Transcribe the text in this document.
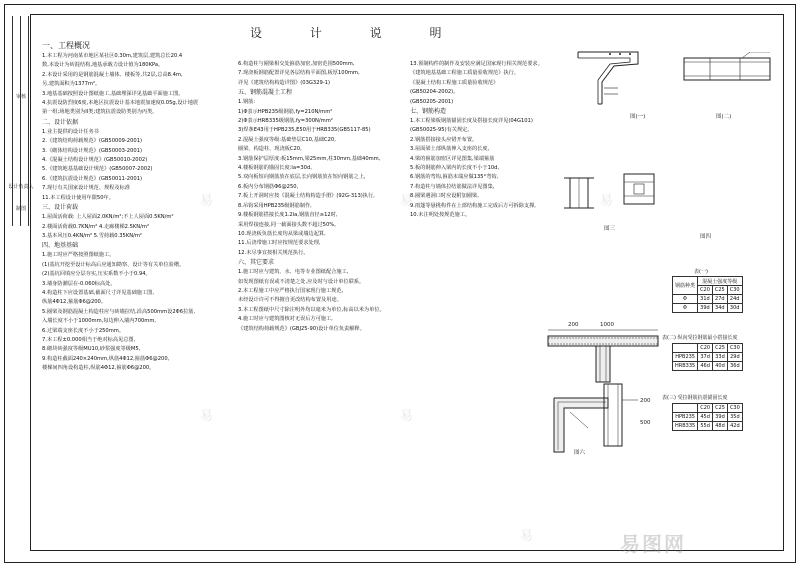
审核
设计负责人
制图
设 计 说 明

一、工程概况

1.本工程为河南某市地区某社区0.30m,建筑层,建筑总长20.4

数,本设计为砖混结构,地基承载力设计值为180KPa。

2.本设计采用的是钢筋混凝土墙体、楼板等,共2层,总高8.4m,

另,建筑面积为1377m²。

3.地基基础按照设计图纸施工,基础埋深详见基础平面施工图。

4.抗震设防烈度6度,本地区抗震设计基本地震加速度0.05g,设计地震

第一组;场地类别为II类;建筑抗震设防类别为丙类。

二、设计依据

1.业主提供的设计任务书

2.《建筑结构荷载规范》(GB50009-2001)

3.《砌体结构设计规范》(GB50003-2001)

4.《混凝土结构设计规范》(GB50010-2002)

5.《建筑地基基础设计规范》(GB50007-2002)

6.《建筑抗震设计规范》(GB50011-2001)

7.现行有关国家设计规范、规程及标准

11.本工程设计使用年限50年。

三、设计荷载

1.屋面活荷载: 上人屋面2.0KN/m²;不上人屋面0.5KN/m²

2.楼面活荷载0.7KN/m² 4.走廊楼梯2.5KN/m²

3.基本风压0.4KN/m² 5.雪荷载0.35KN/m²

四、地基基础

1.施工时应严格按照图纸施工。

(1)基坑开挖至设计标高后应通知勘察、设计等有关单位验槽。

(2)基坑回填应分层夯实,压实系数不小于0.94。

3.墙身防潮层在-0.060标高处。

4.构造柱下应设置基础,截面尺寸详见基础施工图,

纵筋4Φ12,箍筋Φ6@200。

5.圈梁及钢筋混凝土构造柱应与砖墙拉结,沿高500mm设2Φ6拉筋,

入墙长度不小于1000mm,每边伸入墙内700mm,

6.过梁端支座长度不小于250mm。

7.本工程±0.000相当于绝对标高见总图,

8.砌块砖强度等级MU10,砂浆强度等级M5,

9.构造柱截面240×240mm,纵筋4Φ12,箍筋Φ6@200,

楼梯间四角设构造柱,纵筋4Φ12,箍筋Φ6@200。

6.构造柱与圈梁相交处箍筋加密,加密范围500mm,

7.现浇板钢筋配置详见各层结构平面图,板厚100mm,

详见《建筑结构构造详图》(03G329-1)

五、钢筋混凝土工程

1.钢筋:

1)Φ表示HPB235级钢筋,fy=210N/mm²

2)Φ表示HRB335级钢筋,fy=300N/mm²

3)焊条E43用于HPB235,E50用于HRB335(GB5117-85)

2.混凝土强度等级:基础垫层C10,基础C20,

圈梁、构造柱、现浇板C20,

3.钢筋保护层厚度:板15mm,梁25mm,柱30mm,基础40mm,

4.楼板钢筋的锚固长度:la=30d,

5.双向板短向钢筋放在底层,长向钢筋放在短向钢筋之上,

6.板内分布钢筋Φ6@250,

7.板上开洞时应按《混凝土结构构造手册》(92G-313)执行,

8.吊钩采用HPB235级钢筋制作,

9.楼板钢筋搭接长度1.2la,钢筋直径≥12时,

采用焊接连接,同一截面接头数不超过50%。

10.现浇板负筋长度均从梁或墙边起算,

11.后浇带施工时应按规范要求处理,

12.未尽事宜按相关规范执行。

六、其它要求

1.施工时应与建筑、水、电等专业图纸配合施工,

如发现图纸有误或不清楚之处,应及时与设计单位联系。

2.本工程施工中应严格执行国家现行施工规范,

未经设计许可不得擅自更改结构布置及用途。

3.本工程图纸中尺寸除注明外均以毫米为单位,标高以米为单位。

4.施工时应与建筑图核对无误后方可施工,

《建筑结构荷载规范》(GBJ25-90)设计单位负责解释。

13.预制构件的制作及安装应满足国家现行相关规范要求。

《建筑地基基础工程施工质量验收规范》执行。

《混凝土结构工程施工质量验收规范》

(GB50204-2002)。

(GB50205-2001)

七、钢筋构造

1.本工程梁板钢筋锚固长度及搭接长度详见(04G101)

(GB50025-95)有关规定。

2.钢筋搭接接头应错开布置。

3.屋面梁上部纵筋伸入支座的长度,

4.梁的箍筋加密区详见图集,梁端箍筋

5.板的钢筋伸入梁内的长度不小于10d,

6.钢筋的弯钩,箍筋末端应做135°弯钩,

7.构造柱与墙体拉结筋做法详见图集,

8.圈梁遇洞口时应设附加圈梁,

9.雨篷等悬挑构件在上部结构施工完成后方可拆除支撑,

10.未注明处按规范施工。

图(一)	图(二)
图三
图四
200	1000
图六
200
500
表(一)
钢筋种类	混凝土强度等级		
	C20	C25	C30
Φ	31d	27d	24d
Φ	39d	34d	30d
表(二) 纵向受拉钢筋最小搭接长度
	C20	C25	C30
HPB235	37d	33d	29d
HRB335	46d	40d	36d
表(三) 受拉钢筋抗震锚固长度
	C20	C25	C30
HPB235	45d	39d	35d
HRB335	55d	48d	42d
易	易	易
易	易
易	易图网
